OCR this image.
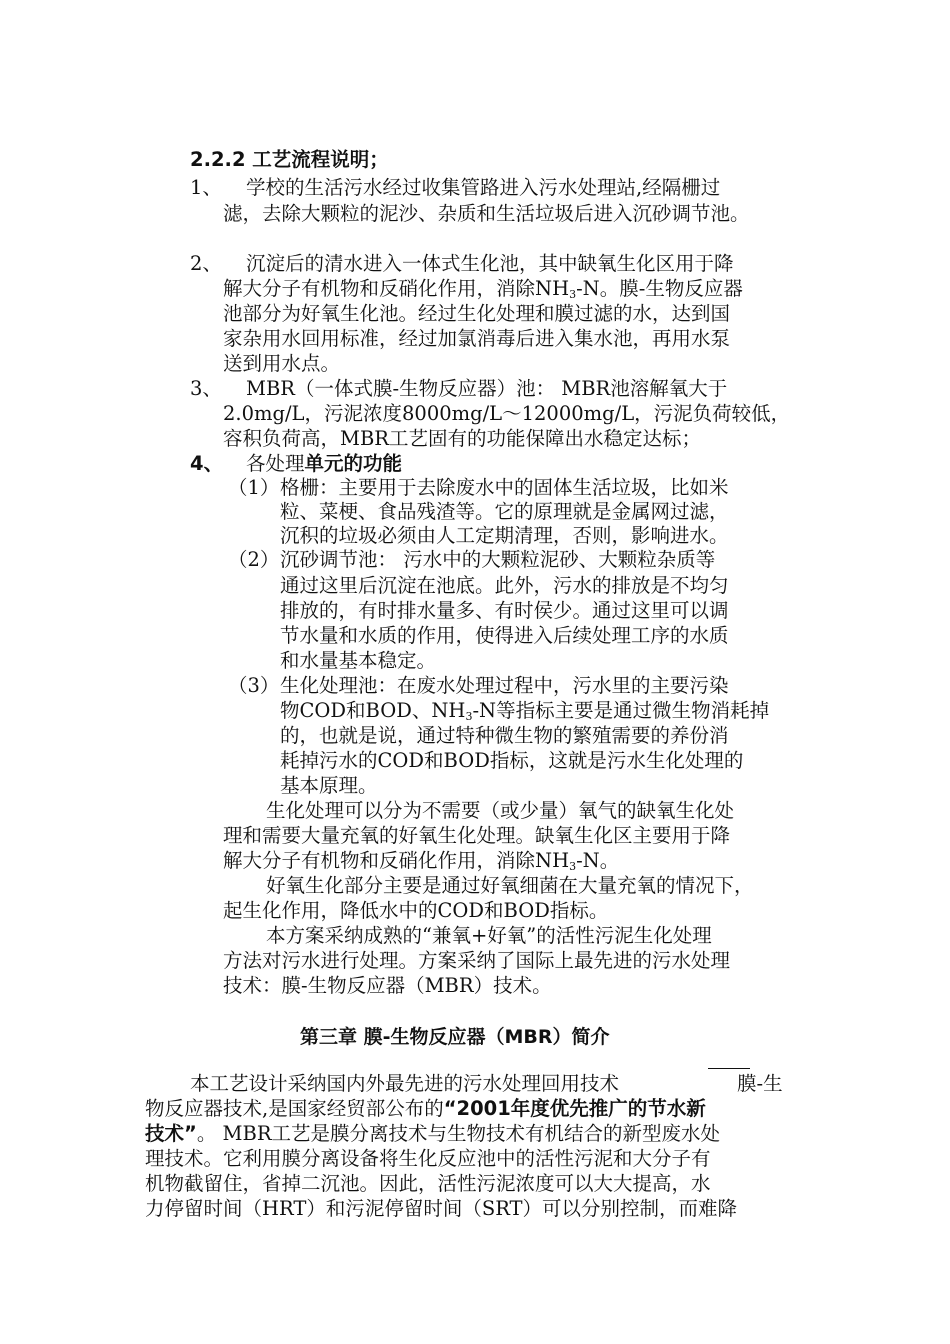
2.2.2 工艺流程说明；
1、 学校的生活污水经过收集管路进入污水处理站,经隔栅过
滤，去除大颗粒的泥沙、杂质和生活垃圾后进入沉砂调节池。
2、 沉淀后的清水进入一体式生化池，其中缺氧生化区用于降
解大分子有机物和反硝化作用，消除$NH_3-N$。膜-生物反应器
池部分为好氧生化池。经过生化处理和膜过滤的水，达到国
家杂用水回用标准，经过加氯消毒后进入集水池，再用水泵
送到用水点。
3、 MBR（一体式膜-生物反应器）池： MBR池溶解氧大于
2.0mg/L，污泥浓度8000mg/L～12000mg/L，污泥负荷较低，
容积负荷高，MBR工艺固有的功能保障出水稳定达标；
4、 各处理单元的功能
（1） 格栅：主要用于去除废水中的固体生活垃圾，比如米
粒、菜梗、食品残渣等。它的原理就是金属网过滤，
沉积的垃圾必须由人工定期清理，否则，影响进水。
（2） 沉砂调节池： 污水中的大颗粒泥砂、大颗粒杂质等
通过这里后沉淀在池底。此外，污水的排放是不均匀
排放的，有时排水量多、有时侯少。通过这里可以调
节水量和水质的作用，使得进入后续处理工序的水质
和水量基本稳定。
（3） 生化处理池：在废水处理过程中，污水里的主要污染
物COD和BOD、$NH_3-N$等指标主要是通过微生物消耗掉
的，也就是说，通过特种微生物的繁殖需要的养份消
耗掉污水的COD和BOD指标，这就是污水生化处理的
基本原理。
生化处理可以分为不需要（或少量）氧气的缺氧生化处
理和需要大量充氧的好氧生化处理。缺氧生化区主要用于降
解大分子有机物和反硝化作用，消除$NH_3-N$。
好氧生化部分主要是通过好氧细菌在大量充氧的情况下，
起生化作用，降低水中的COD和BOD指标。
本方案采纳成熟的“兼氧+好氧”的活性污泥生化处理
方法对污水进行处理。方案采纳了国际上最先进的污水处理
技术：膜-生物反应器（MBR）技术。
第三章 膜-生物反应器（MBR）简介
本工艺设计采纳国内外最先进的污水处理回用技术	膜-生
物反应器技术,是国家经贸部公布的“2001年度优先推广的节水新
技术”。 MBR工艺是膜分离技术与生物技术有机结合的新型废水处
理技术。它利用膜分离设备将生化反应池中的活性污泥和大分子有
机物截留住，省掉二沉池。因此，活性污泥浓度可以大大提高，水
力停留时间（HRT）和污泥停留时间（SRT）可以分别控制，而难降
